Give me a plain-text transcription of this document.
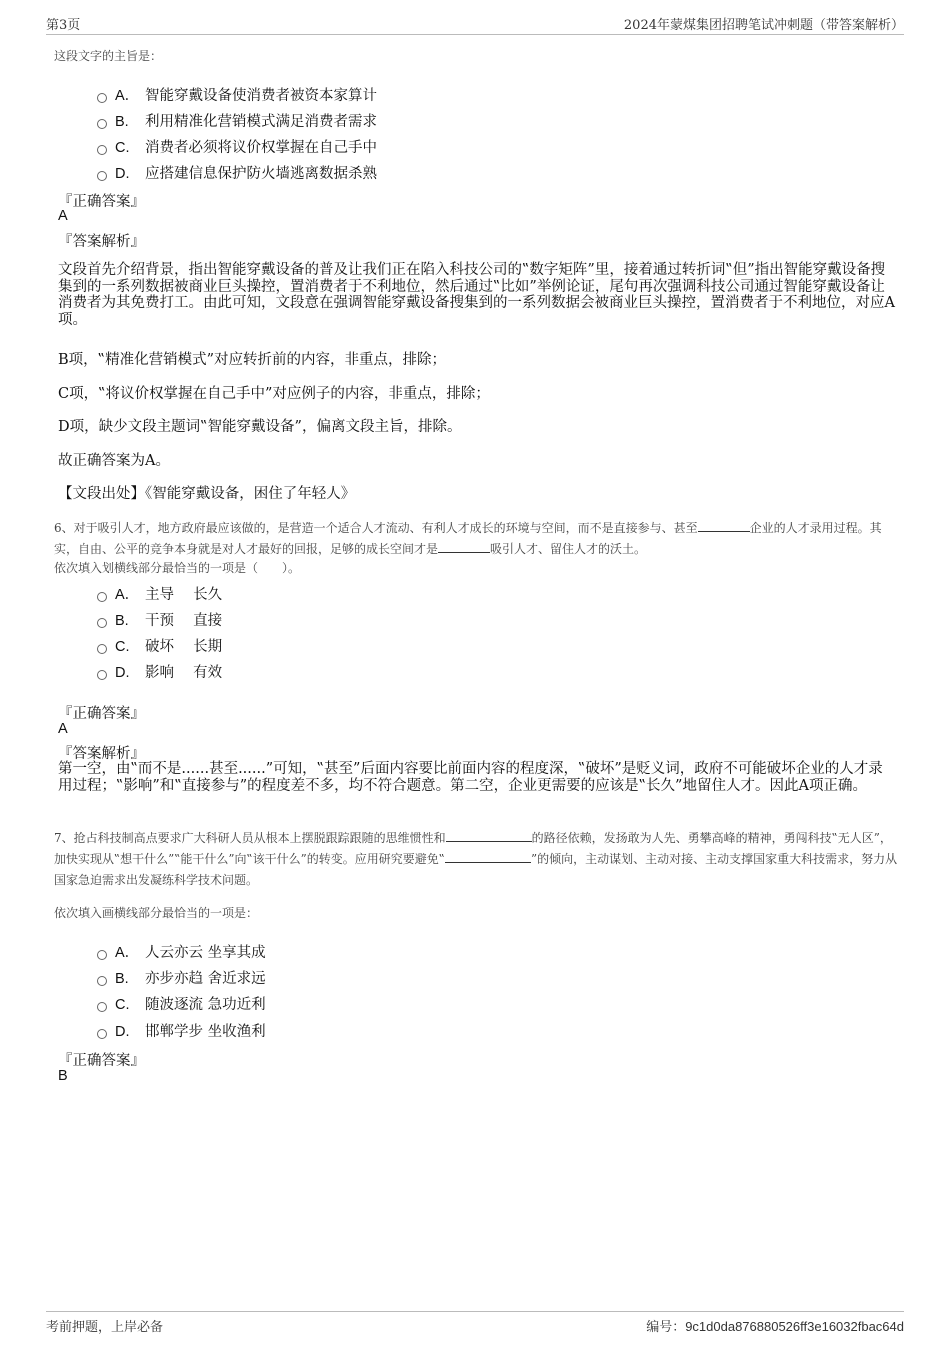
第3页	2024年蒙煤集团招聘笔试冲刺题（带答案解析）
这段文字的主旨是：
A． 智能穿戴设备使消费者被资本家算计
B. 利用精准化营销模式满足消费者需求
C. 消费者必须将议价权掌握在自己手中
D. 应搭建信息保护防火墙逃离数据杀熟
『正确答案』
A
『答案解析』
文段首先介绍背景，指出智能穿戴设备的普及让我们正在陷入科技公司的‟数字矩阵”里，接着通过转折词‟但”指出智能穿戴设备搜集到的一系列数据被商业巨头操控，置消费者于不利地位，然后通过‟比如”举例论证，尾句再次强调科技公司通过智能穿戴设备让消费者为其免费打工。由此可知，文段意在强调智能穿戴设备搜集到的一系列数据会被商业巨头操控，置消费者于不利地位，对应A项。
B项，‟精准化营销模式”对应转折前的内容，非重点，排除；
C项，‟将议价权掌握在自己手中”对应例子的内容，非重点，排除；
D项，缺少文段主题词‟智能穿戴设备”，偏离文段主旨，排除。
故正确答案为A。
【文段出处】《智能穿戴设备，困住了年轻人》
6、对于吸引人才，地方政府最应该做的，是营造一个适合人才流动、有利人才成长的环境与空间，而不是直接参与、甚至	企业的人才录用过程。其实，自由、公平的竞争本身就是对人才最好的回报，足够的成长空间才是	吸引人才、留住人才的沃土。
依次填入划横线部分最恰当的一项是（　　）。
A． 主导　 长久
B. 干预　 直接
C. 破坏　 长期
D. 影响　 有效
『正确答案』
A
『答案解析』
第一空，由‟而不是......甚至......”可知，‟甚至”后面内容要比前面内容的程度深，‟破坏”是贬义词，政府不可能破坏企业的人才录用过程；‟影响”和‟直接参与”的程度差不多，均不符合题意。第二空，企业更需要的应该是‟长久”地留住人才。因此A项正确。
7、抢占科技制高点要求广大科研人员从根本上摆脱跟踪跟随的思维惯性和	的路径依赖，发扬敢为人先、勇攀高峰的精神，勇闯科技‟无人区”，加快实现从‟想干什么”‟能干什么”向‟该干什么”的转变。应用研究要避免‟	”的倾向，主动谋划、主动对接、主动支撑国家重大科技需求，努力从国家急迫需求出发凝练科学技术问题。
依次填入画横线部分最恰当的一项是：
A． 人云亦云 坐享其成
B. 亦步亦趋 舍近求远
C. 随波逐流 急功近利
D. 邯郸学步 坐收渔利
『正确答案』
B
考前押题，上岸必备	编号：9c1d0da876880526ff3e16032fbac64d
